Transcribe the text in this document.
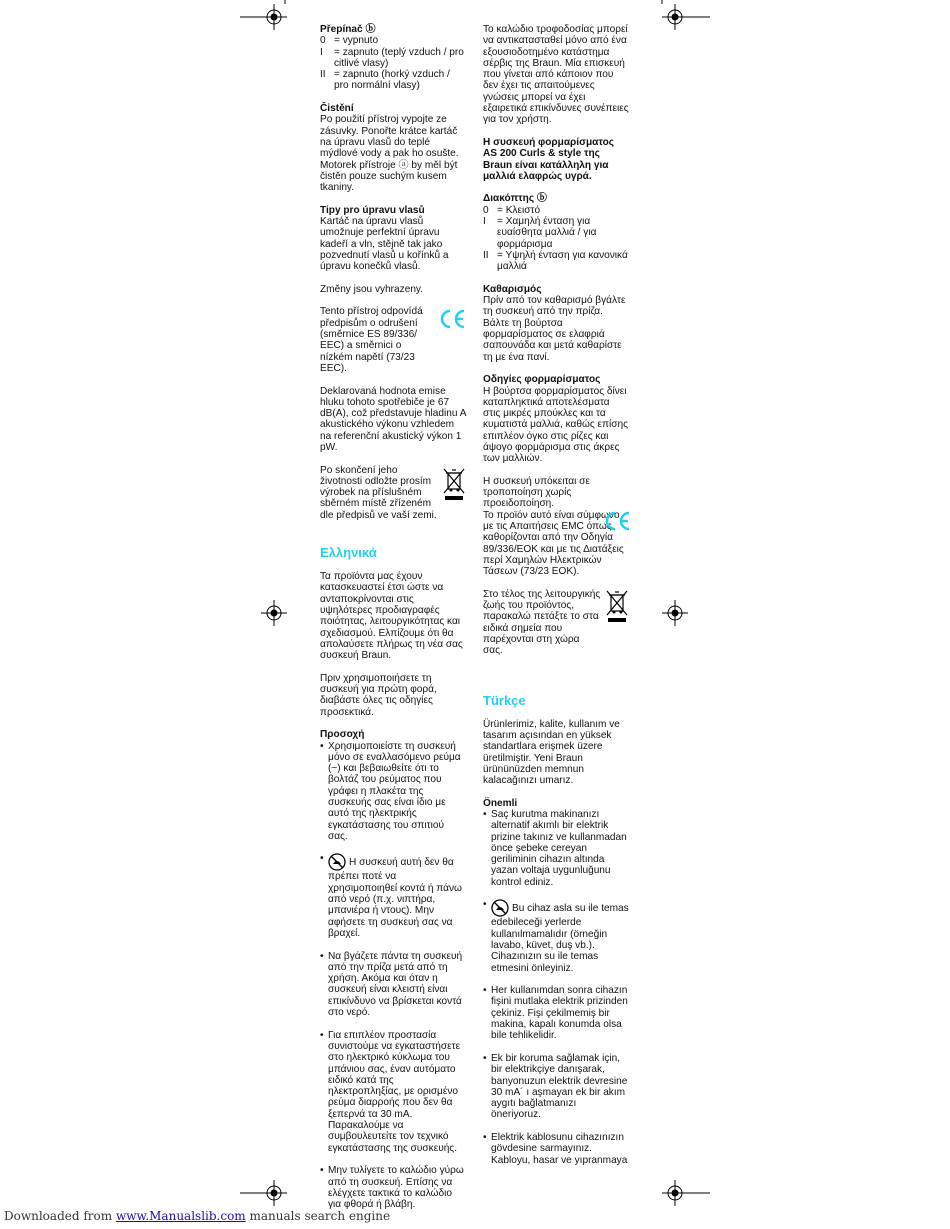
Přepínač ⓑ

0 = vypnuto
I	= zapnuto (teplý vzduch / pro citlivé vlasy)
II = zapnuto (horký vzduch / pro normální vlasy)

Čistění

Po použití přístroj vypojte ze zásuvky. Ponořte krátce kartáč na úpravu vlasů do teplé mýdlové vody a pak ho osušte. Motorek přístroje ⓐ by měl být čistěn pouze suchým kusem tkaniny.

Tipy pro úpravu vlasů

Kartáč na úpravu vlasů umožnuje perfektní úpravu kadeří a vln, stějně tak jako pozvednutí vlasů u kořínků a úpravu konečků vlasů.

Změny jsou vyhrazeny.

Tento přístroj odpovídá předpisům o odrušení (směrnice ES 89/336/ EEC) a směrnici o nízkém napětí (73/23 EEC).

Deklarovaná hodnota emise hluku tohoto spotřebiče je 67 dB(A), což představuje hladinu A akustického výkonu vzhledem na referenční akustický výkon 1 pW.

Po skončení jeho životnosti odložte prosím výrobek na příslušném sběrném místě zřízeném dle předpisů ve vaší zemi.

Ελληνικά

Τα προϊόντα μας έχουν κατασκευαστεί έτσι ώστε να ανταποκρίνονται στις υψηλότερες προδιαγραφές ποιότητας, λειτουργικότητας και σχεδιασμού. Ελπίζουμε ότι θα απολαύσετε πλήρως τη νέα σας συσκευή Braun.

Πριν χρησιμοποιήσετε τη συσκευή για πρώτη φορά, διαβάστε όλες τις οδηγίες προσεκτικά.

Προσοχή

• Χρησιμοποιείστε τη συσκευή μόνο σε εναλλασόμενο ρεύμα (~) και βεβαιωθείτε ότι το βολτάζ του ρεύματος που γράφει η πλακέτα της συσκευής σας είναι ίδιο με αυτό της ηλεκτρικής εγκατάστασης του σπιτιού σας.
•	Η συσκευή αυτή δεν θα πρέπει ποτέ να χρησιμοποιηθεί κοντά ή πάνω από νερό (π.χ. νιπτήρα, μπανιέρα ή ντους). Μην αφήσετε τη συσκευή σας να βραχεί.
• Να βγάζετε πάντα τη συσκευή από την πρίζα μετά από τη χρήση. Ακόμα και όταν η συσκευή είναι κλειστή είναι επικίνδυνο να βρίσκεται κοντά στο νερό.
• Για επιπλέον προστασία συνιστούμε να εγκαταστήσετε στο ηλεκτρικό κύκλωμα του μπάνιου σας, έναν αυτόματο ειδικό κατά της ηλεκτροπληξίας, με ορισμένο ρεύμα διαρροής που δεν θα ξεπερνά τα 30 mA. Παρακαλούμε να συμβουλευτείτε τον τεχνικό εγκατάστασης της συσκευής.
• Μην τυλίγετε το καλώδιο γύρω από τη συσκευή. Επίσης να ελέγχετε τακτικά το καλώδιο για φθορά ή βλάβη.

Το καλώδιο τροφοδοσίας μπορεί να αντικατασταθεί μόνο από ένα εξουσιοδοτημένο κατάστημα σέρβις της Braun. Μία επισκευή που γίνεται από κάποιον που δεν έχει τις απαιτούμενες γνώσεις μπορεί να έχει εξαιρετικά επικίνδυνες συνέπειες για τον χρήστη.

Η συσκευή φορμαρίσματος AS 200 Curls & style της Braun είναι κατάλληλη για μαλλιά ελαφρώς υγρά.

Διακόπτης ⓑ

0 = Κλειστό
I	= Χαμηλή ένταση για ευαίσθητα μαλλιά / για φορμάρισμα
II = Υψηλή ένταση για κανονικά μαλλιά

Καθαρισμός

Πρίν από τον καθαρισμό βγάλτε τη συσκευή από την πρίζα. Βάλτε τη βούρτσα φορμαρίσματος σε ελαφριά σαπουνάδα και μετά καθαρίστε τη με ένα πανί.

Οδηγίες φορμαρίσματος

Η βούρτσα φορμαρίσματος δίνει καταπληκτικά αποτελέσματα στις μικρές μπούκλες και τα κυματιστά μαλλιά, καθώς επίσης επιπλέον όγκο στις ρίζες και άψογο φορμάρισμα στις άκρες των μαλλιών.

Η συσκευή υπόκειται σε τροποποίηση χωρίς προειδοποίηση.

Το προϊόν αυτό είναι σύμφωνο με τις Απαιτήσεις EMC όπως καθορίζονται από την Οδηγία 89/336/ΕΟΚ και με τις Διατάξεις περί Χαμηλών Ηλεκτρικών Τάσεων (73/23 ΕΟΚ).

Στο τέλος της λειτουργικής ζωής του προϊόντος, παρακαλώ πετάξτε το στα ειδικά σημεία που παρέχονται στη χώρα σας.

Türkçe

Ürünlerimiz, kalite, kullanım ve tasarım açısından en yüksek standartlara erişmek üzere üretilmiştir. Yeni Braun ürününüzden memnun kalacağınızı umarız.

Önemli

• Saç kurutma makinanızı alternatif akımlı bir elektrik prizine takınız ve kullanmadan önce şebeke cereyan geriliminin cihazın altında yazan voltaja uygunluğunu kontrol ediniz.
•	Bu cihaz asla su ile temas edebileceği yerlerde kullanılmamalıdır (örneğin lavabo, küvet, duş vb.). Cihazınızın su ile temas etmesini önleyiniz.
• Her kullanımdan sonra cihazın fişini mutlaka elektrik prizinden çekiniz. Fişi çekilmemiş bir makina, kapalı konumda olsa bile tehlikelidir.
• Ek bir koruma sağlamak için, bir elektrikçiye danışarak, banyonuzun elektrik devresine 30 mA´ ı aşmayan ek bir akım aygıtı bağlatmanızı öneriyoruz.
• Elektrik kablosunu cihazınızın gövdesine sarmayınız. Kabloyu, hasar ve yıpranmaya
Downloaded from www.Manualslib.com manuals search engine
